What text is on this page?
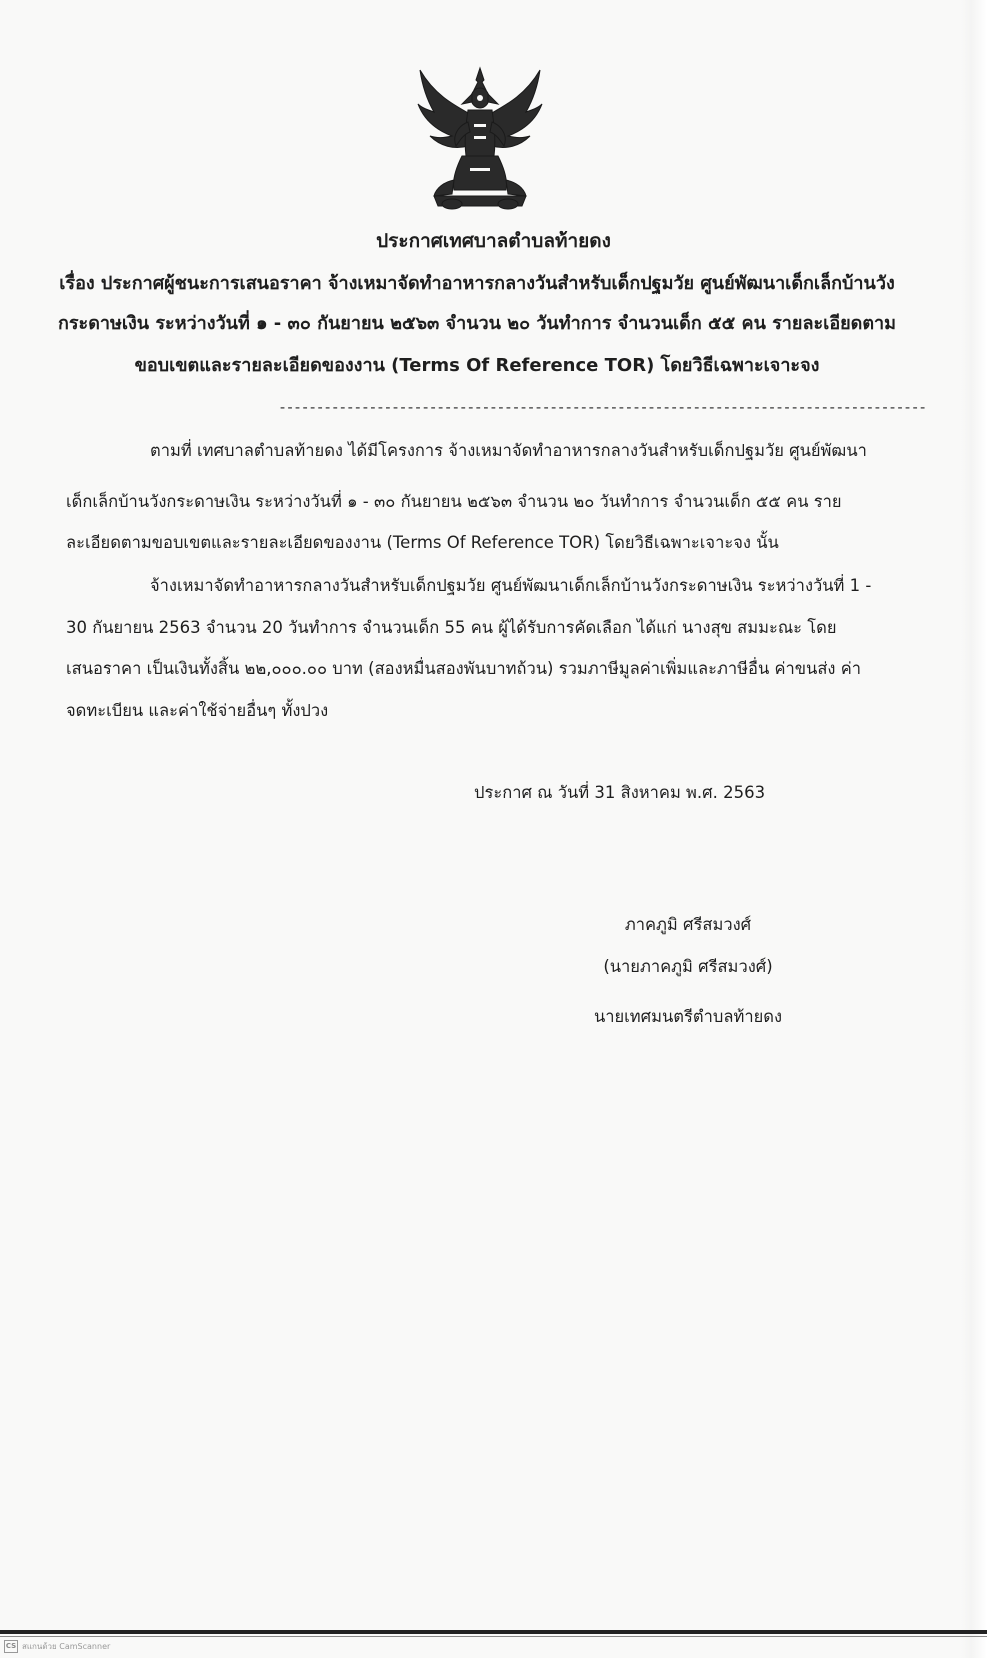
ประกาศเทศบาลตำบลท้ายดง
เรื่อง ประกาศผู้ชนะการเสนอราคา จ้างเหมาจัดทำอาหารกลางวันสำหรับเด็กปฐมวัย ศูนย์พัฒนาเด็กเล็กบ้านวัง
กระดาษเงิน ระหว่างวันที่ ๑ - ๓๐ กันยายน ๒๕๖๓ จำนวน ๒๐ วันทำการ จำนวนเด็ก ๕๕ คน รายละเอียดตาม
ขอบเขตและรายละเอียดของงาน (Terms Of Reference TOR) โดยวิธีเฉพาะเจาะจง
--------------------------------------------------------------------------------------
ตามที่ เทศบาลตำบลท้ายดง ได้มีโครงการ จ้างเหมาจัดทำอาหารกลางวันสำหรับเด็กปฐมวัย ศูนย์พัฒนา
เด็กเล็กบ้านวังกระดาษเงิน ระหว่างวันที่ ๑ - ๓๐ กันยายน ๒๕๖๓ จำนวน ๒๐ วันทำการ จำนวนเด็ก ๕๕ คน ราย
ละเอียดตามขอบเขตและรายละเอียดของงาน (Terms Of Reference TOR) โดยวิธีเฉพาะเจาะจง นั้น
จ้างเหมาจัดทำอาหารกลางวันสำหรับเด็กปฐมวัย ศูนย์พัฒนาเด็กเล็กบ้านวังกระดาษเงิน ระหว่างวันที่ 1 -
30 กันยายน 2563 จำนวน 20 วันทำการ จำนวนเด็ก 55 คน ผู้ได้รับการคัดเลือก ได้แก่ นางสุข สมมะณะ โดย
เสนอราคา เป็นเงินทั้งสิ้น ๒๒,๐๐๐.๐๐ บาท (สองหมื่นสองพันบาทถ้วน) รวมภาษีมูลค่าเพิ่มและภาษีอื่น ค่าขนส่ง ค่า
จดทะเบียน และค่าใช้จ่ายอื่นๆ ทั้งปวง
ประกาศ ณ วันที่ 31 สิงหาคม พ.ศ. 2563
ภาคภูมิ ศรีสมวงศ์
(นายภาคภูมิ ศรีสมวงศ์)
นายเทศมนตรีตำบลท้ายดง
CS สแกนด้วย CamScanner
